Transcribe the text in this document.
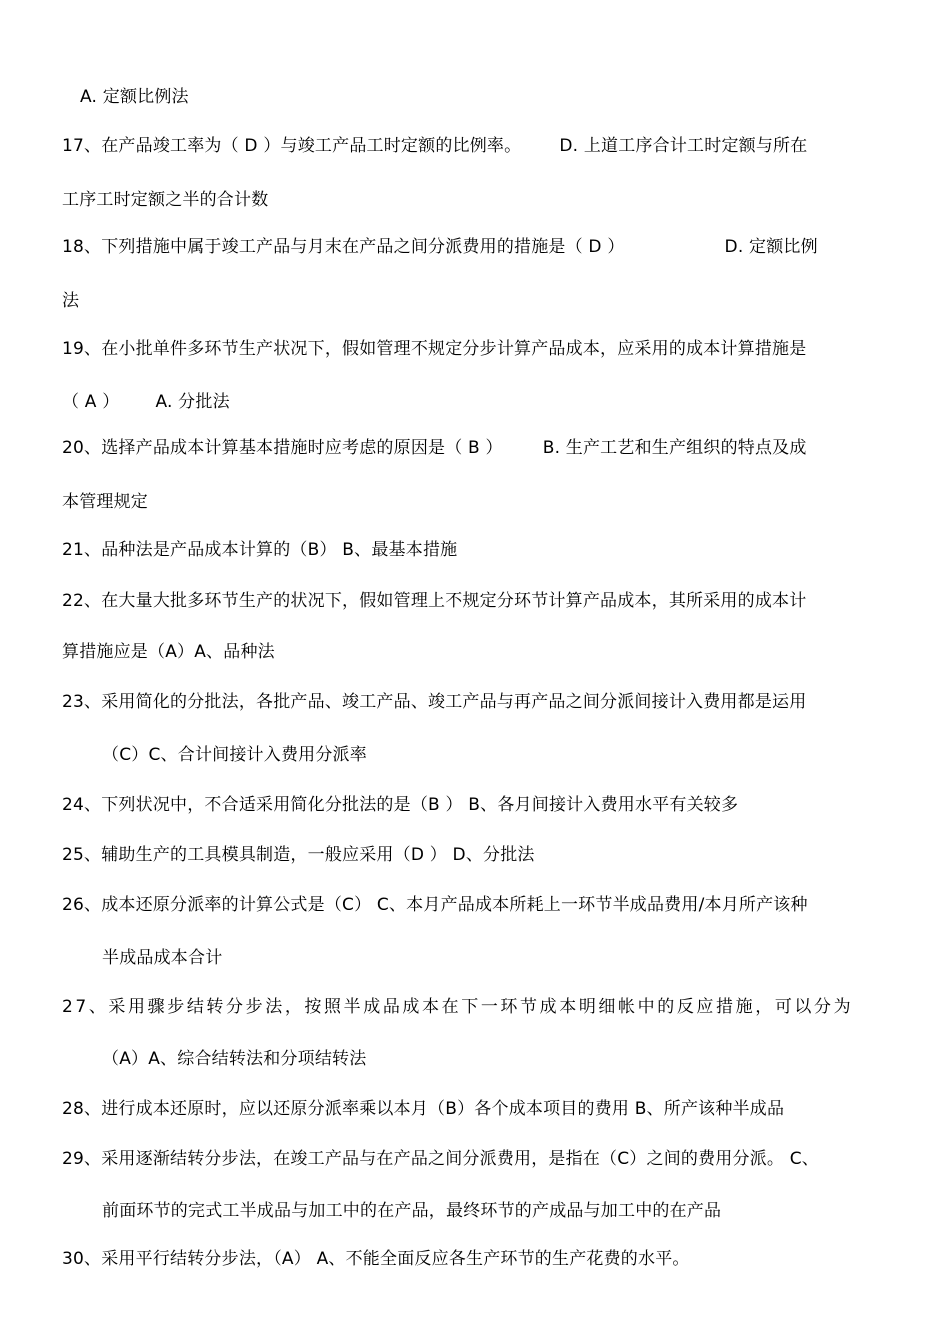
A. 定额比例法
17、在产品竣工率为（ D ）与竣工产品工时定额的比例率。 D. 上道工序合计工时定额与所在
工序工时定额之半的合计数
18、下列措施中属于竣工产品与月末在产品之间分派费用的措施是（ D ）	D. 定额比例
法
19、在小批单件多环节生产状况下，假如管理不规定分步计算产品成本，应采用的成本计算措施是
（ A ） A. 分批法
20、选择产品成本计算基本措施时应考虑的原因是（ B ） B. 生产工艺和生产组织的特点及成
本管理规定
21、品种法是产品成本计算的（B） B、最基本措施
22、在大量大批多环节生产的状况下，假如管理上不规定分环节计算产品成本，其所采用的成本计
算措施应是（A）A、品种法
23、采用简化的分批法，各批产品、竣工产品、竣工产品与再产品之间分派间接计入费用都是运用
（C）C、合计间接计入费用分派率
24、下列状况中，不合适采用简化分批法的是（B ） B、各月间接计入费用水平有关较多
25、辅助生产的工具模具制造，一般应采用（D ） D、分批法
26、成本还原分派率的计算公式是（C） C、本月产品成本所耗上一环节半成品费用/本月所产该种
半成品成本合计
27、采用骤步结转分步法，按照半成品成本在下一环节成本明细帐中的反应措施，可以分为
（A）A、综合结转法和分项结转法
28、进行成本还原时，应以还原分派率乘以本月（B）各个成本项目的费用 B、所产该种半成品
29、采用逐渐结转分步法，在竣工产品与在产品之间分派费用，是指在（C）之间的费用分派。 C、
前面环节的完式工半成品与加工中的在产品，最终环节的产成品与加工中的在产品
30、采用平行结转分步法，（A） A、不能全面反应各生产环节的生产花费的水平。
